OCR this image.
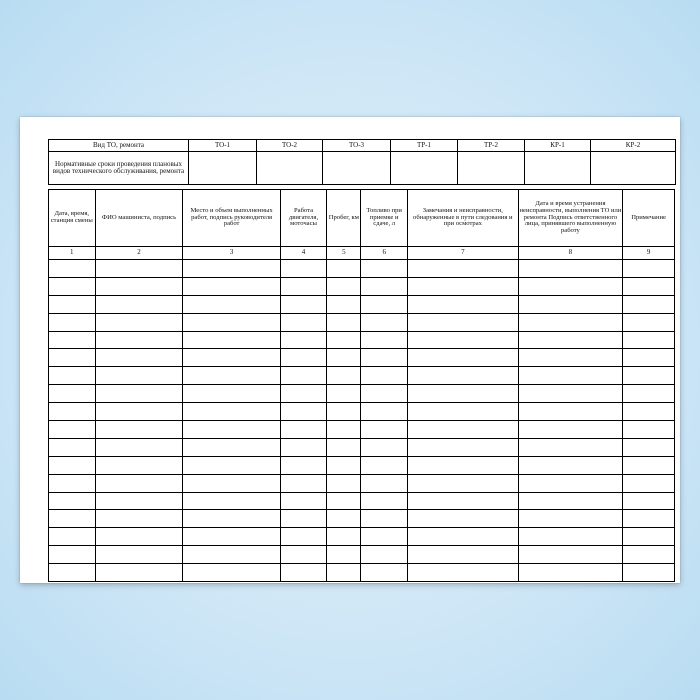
Вид ТО, ремонта	ТО-1	ТО-2	ТО-3	ТР-1	ТР-2	КР-1	КР-2
Нормативные сроки проведения плановых видов технического обслуживания, ремонта							
Дата, время, станция смены	ФИО машиниста, подпись	Место и объем выполненных работ, подпись руководителя работ	Работа двигателя, моточасы	Пробег, км	Топливо при приемке и сдаче, л	Замечания и неисправности, обнаруженные в пути следования и при осмотрах	Дата и время устранения неисправности, выполнения ТО или ремонта Подпись ответственного лица, принявшего выполненную работу	Примечание
1	2	3	4	5	6	7	8	9
